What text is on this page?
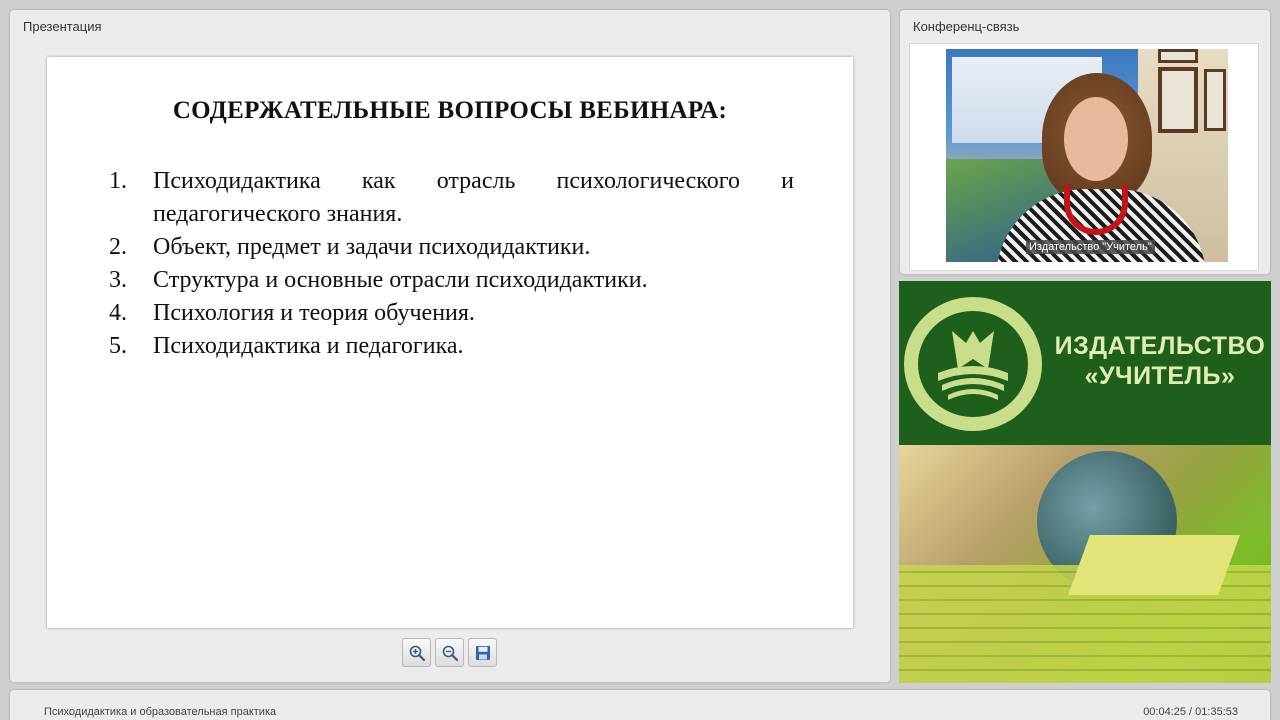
Презентация
СОДЕРЖАТЕЛЬНЫЕ ВОПРОСЫ ВЕБИНАРА:
1.	Психодидактика как отрасль психологического и педагогического знания.
2.	Объект, предмет и задачи психодидактики.
3.	Структура и основные отрасли психодидактики.
4.	Психология и теория обучения.
5.	Психодидактика и педагогика.
Конференц-связь
Издательство "Учитель"
ИЗДАТЕЛЬСТВО
«УЧИТЕЛЬ»
Психодидактика и образовательная практика	00:04:25 / 01:35:53
